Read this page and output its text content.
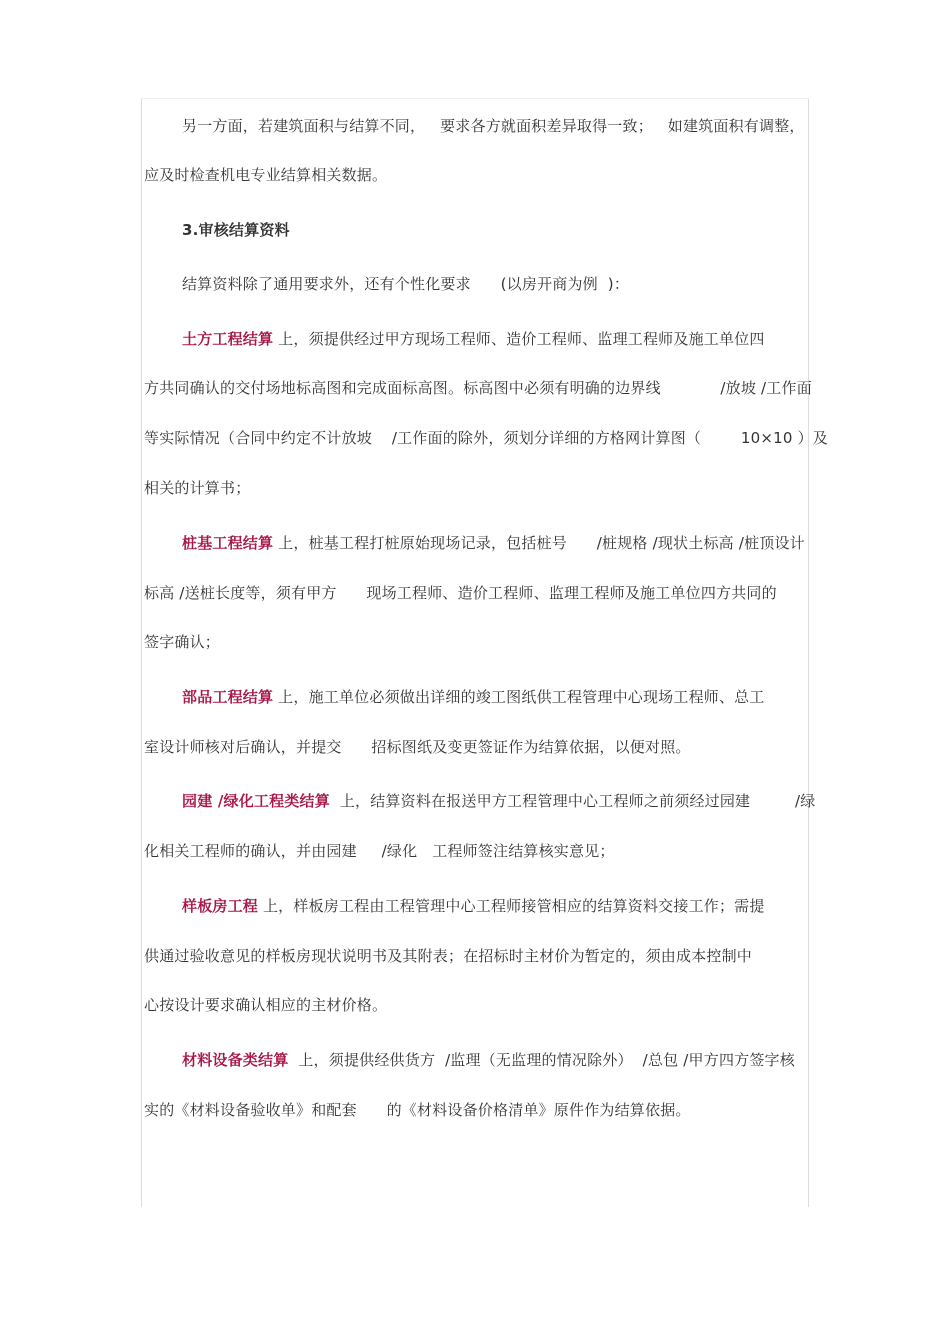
另一方面，若建筑面积与结算不同，   要求各方就面积差异取得一致；   如建筑面积有调整，
应及时检查机电专业结算相关数据。
3.审核结算资料
结算资料除了通用要求外，还有个性化要求      (以房开商为例  )：
土方工程结算 上，须提供经过甲方现场工程师、造价工程师、监理工程师及施工单位四
方共同确认的交付场地标高图和完成面标高图。标高图中必须有明确的边界线            /放坡 /工作面
等实际情况（合同中约定不计放坡    /工作面的除外，须划分详细的方格网计算图（        10×10 ）及
相关的计算书；
桩基工程结算 上，桩基工程打桩原始现场记录，包括桩号      /桩规格 /现状土标高 /桩顶设计
标高 /送桩长度等，须有甲方      现场工程师、造价工程师、监理工程师及施工单位四方共同的
签字确认；
部品工程结算 上，施工单位必须做出详细的竣工图纸供工程管理中心现场工程师、总工
室设计师核对后确认，并提交      招标图纸及变更签证作为结算依据，以便对照。
园建 /绿化工程类结算  上，结算资料在报送甲方工程管理中心工程师之前须经过园建         /绿
化相关工程师的确认，并由园建     /绿化   工程师签注结算核实意见；
样板房工程 上，样板房工程由工程管理中心工程师接管相应的结算资料交接工作；需提
供通过验收意见的样板房现状说明书及其附表；在招标时主材价为暂定的，须由成本控制中
心按设计要求确认相应的主材价格。
材料设备类结算  上，须提供经供货方  /监理（无监理的情况除外）  /总包 /甲方四方签字核
实的《材料设备验收单》和配套      的《材料设备价格清单》原件作为结算依据。
